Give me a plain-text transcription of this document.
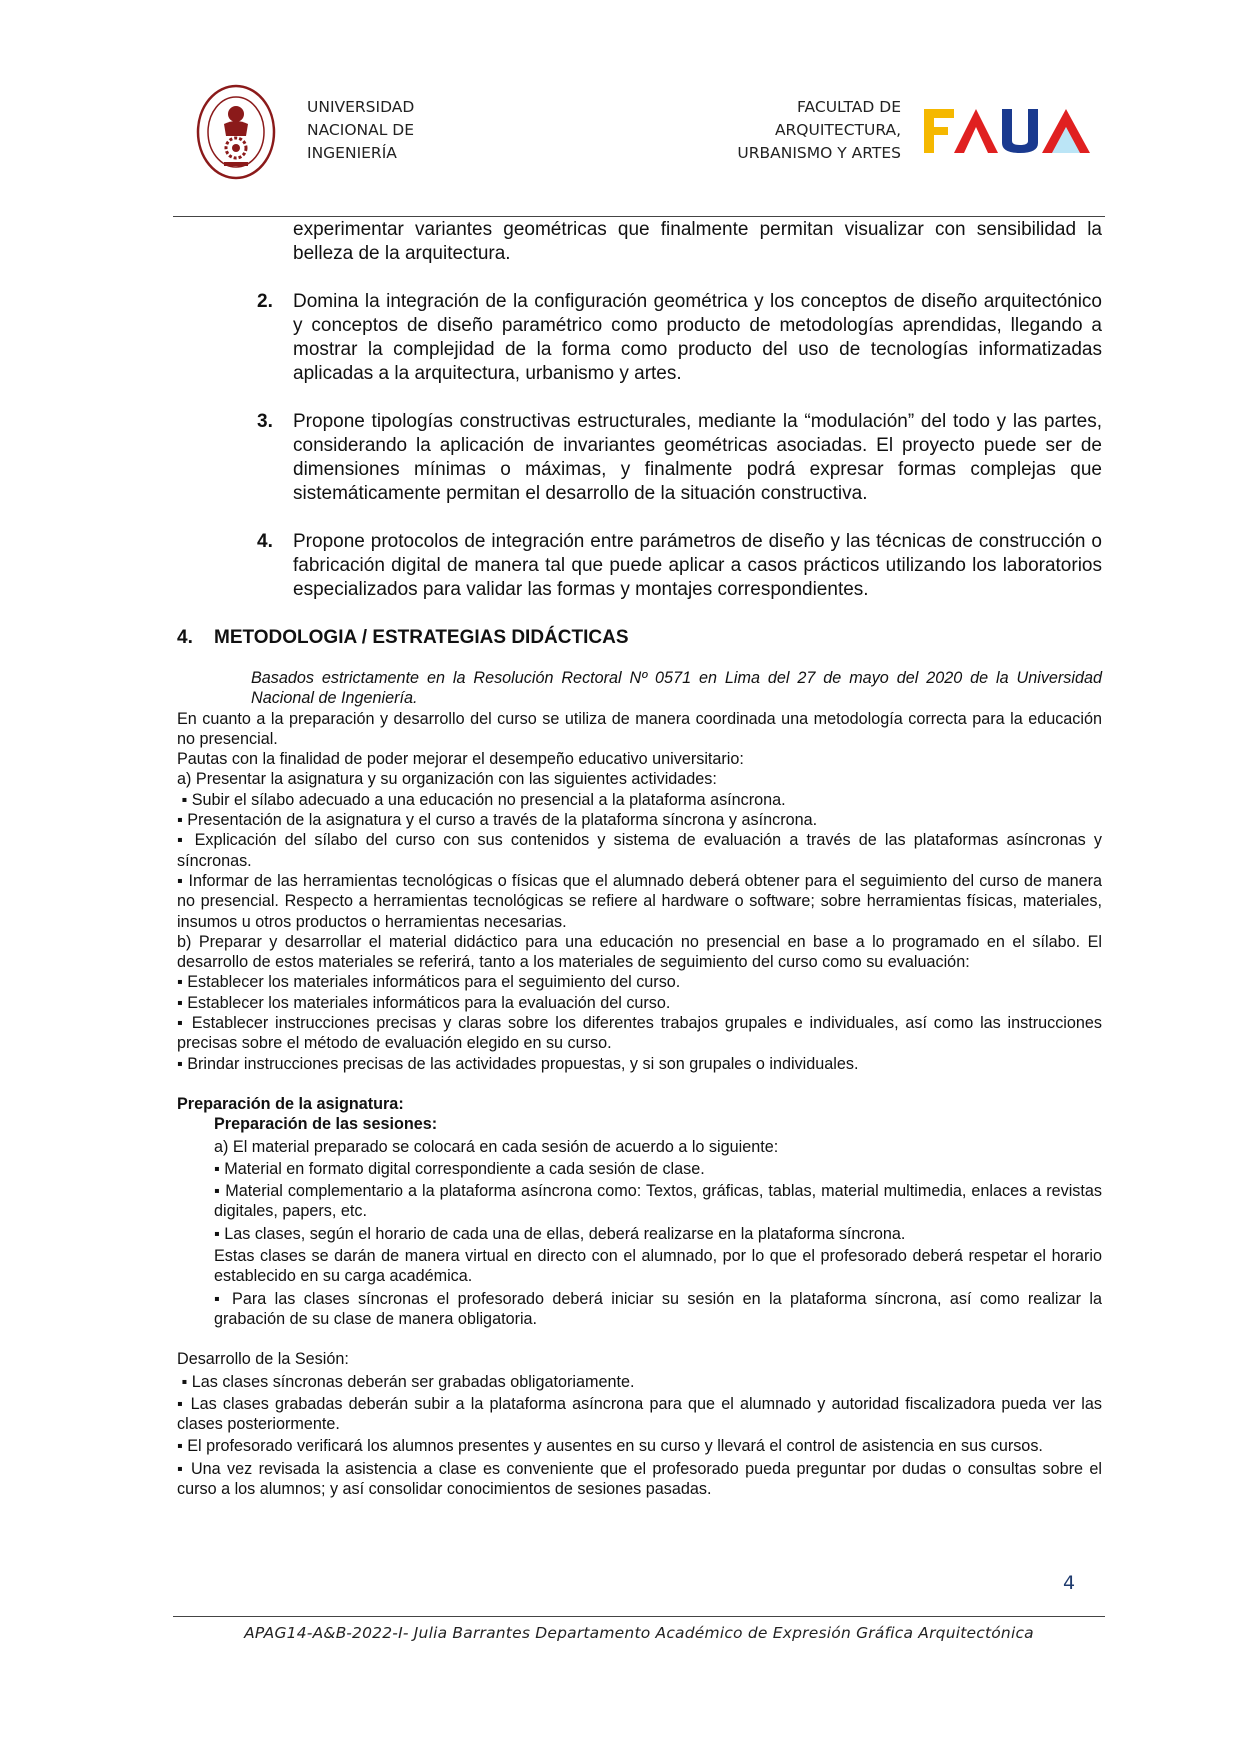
UNIVERSIDAD
NACIONAL DE
INGENIERÍA
FACULTAD DE
ARQUITECTURA,
URBANISMO Y ARTES
experimentar variantes geométricas que finalmente permitan visualizar con sensibilidad la belleza de la arquitectura.
2. Domina la integración de la configuración geométrica y los conceptos de diseño arquitectónico y conceptos de diseño paramétrico como producto de metodologías aprendidas, llegando a mostrar la complejidad de la forma como producto del uso de tecnologías informatizadas aplicadas a la arquitectura, urbanismo y artes.
3. Propone tipologías constructivas estructurales, mediante la “modulación” del todo y las partes, considerando la aplicación de invariantes geométricas asociadas. El proyecto puede ser de dimensiones mínimas o máximas, y finalmente podrá expresar formas complejas que sistemáticamente permitan el desarrollo de la situación constructiva.
4. Propone protocolos de integración entre parámetros de diseño y las técnicas de construcción o fabricación digital de manera tal que puede aplicar a casos prácticos utilizando los laboratorios especializados para validar las formas y montajes correspondientes.
4. METODOLOGIA / ESTRATEGIAS DIDÁCTICAS
Basados estrictamente en la Resolución Rectoral Nº 0571 en Lima del 27 de mayo del 2020 de la Universidad Nacional de Ingeniería.
En cuanto a la preparación y desarrollo del curso se utiliza de manera coordinada una metodología correcta para la educación no presencial.
Pautas con la finalidad de poder mejorar el desempeño educativo universitario:
a) Presentar la asignatura y su organización con las siguientes actividades:
▪ Subir el sílabo adecuado a una educación no presencial a la plataforma asíncrona.
▪ Presentación de la asignatura y el curso a través de la plataforma síncrona y asíncrona.
▪ Explicación del sílabo del curso con sus contenidos y sistema de evaluación a través de las plataformas asíncronas y síncronas.
▪ Informar de las herramientas tecnológicas o físicas que el alumnado deberá obtener para el seguimiento del curso de manera no presencial. Respecto a herramientas tecnológicas se refiere al hardware o software; sobre herramientas físicas, materiales, insumos u otros productos o herramientas necesarias.
b) Preparar y desarrollar el material didáctico para una educación no presencial en base a lo programado en el sílabo. El desarrollo de estos materiales se referirá, tanto a los materiales de seguimiento del curso como su evaluación:
▪ Establecer los materiales informáticos para el seguimiento del curso.
▪ Establecer los materiales informáticos para la evaluación del curso.
▪ Establecer instrucciones precisas y claras sobre los diferentes trabajos grupales e individuales, así como las instrucciones precisas sobre el método de evaluación elegido en su curso.
▪ Brindar instrucciones precisas de las actividades propuestas, y si son grupales o individuales.
Preparación de la asignatura:
Preparación de las sesiones:
a) El material preparado se colocará en cada sesión de acuerdo a lo siguiente:
▪ Material en formato digital correspondiente a cada sesión de clase.
▪ Material complementario a la plataforma asíncrona como: Textos, gráficas, tablas, material multimedia, enlaces a revistas digitales, papers, etc.
▪ Las clases, según el horario de cada una de ellas, deberá realizarse en la plataforma síncrona.
Estas clases se darán de manera virtual en directo con el alumnado, por lo que el profesorado deberá respetar el horario establecido en su carga académica.
▪ Para las clases síncronas el profesorado deberá iniciar su sesión en la plataforma síncrona, así como realizar la grabación de su clase de manera obligatoria.
Desarrollo de la Sesión:
▪ Las clases síncronas deberán ser grabadas obligatoriamente.
▪ Las clases grabadas deberán subir a la plataforma asíncrona para que el alumnado y autoridad fiscalizadora pueda ver las clases posteriormente.
▪ El profesorado verificará los alumnos presentes y ausentes en su curso y llevará el control de asistencia en sus cursos.
▪ Una vez revisada la asistencia a clase es conveniente que el profesorado pueda preguntar por dudas o consultas sobre el curso a los alumnos; y así consolidar conocimientos de sesiones pasadas.
4
APAG14-A&B-2022-I- Julia Barrantes Departamento Académico de Expresión Gráfica Arquitectónica
